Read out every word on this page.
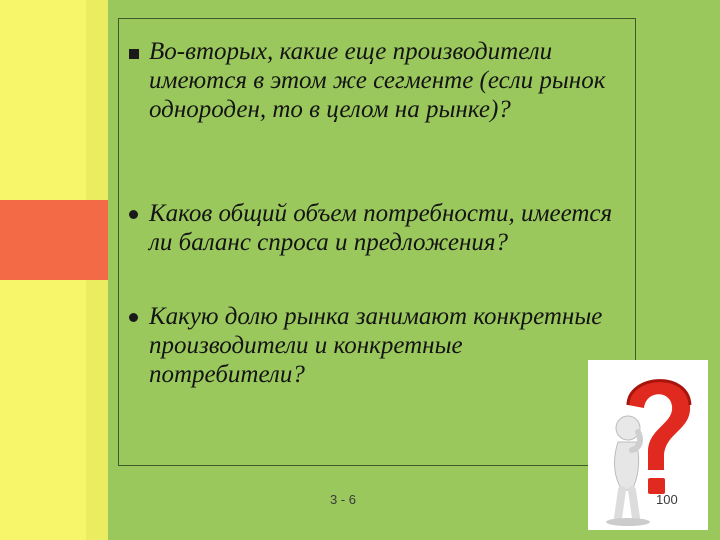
Во-вторых, какие еще производители имеются в этом же сегменте (если рынок однороден, то в целом на рынке)?
Каков общий объем потребности, имеется ли баланс спроса и предложения?
Какую долю рынка занимают конкретные производители и конкретные потребители?
3 - 6	100
